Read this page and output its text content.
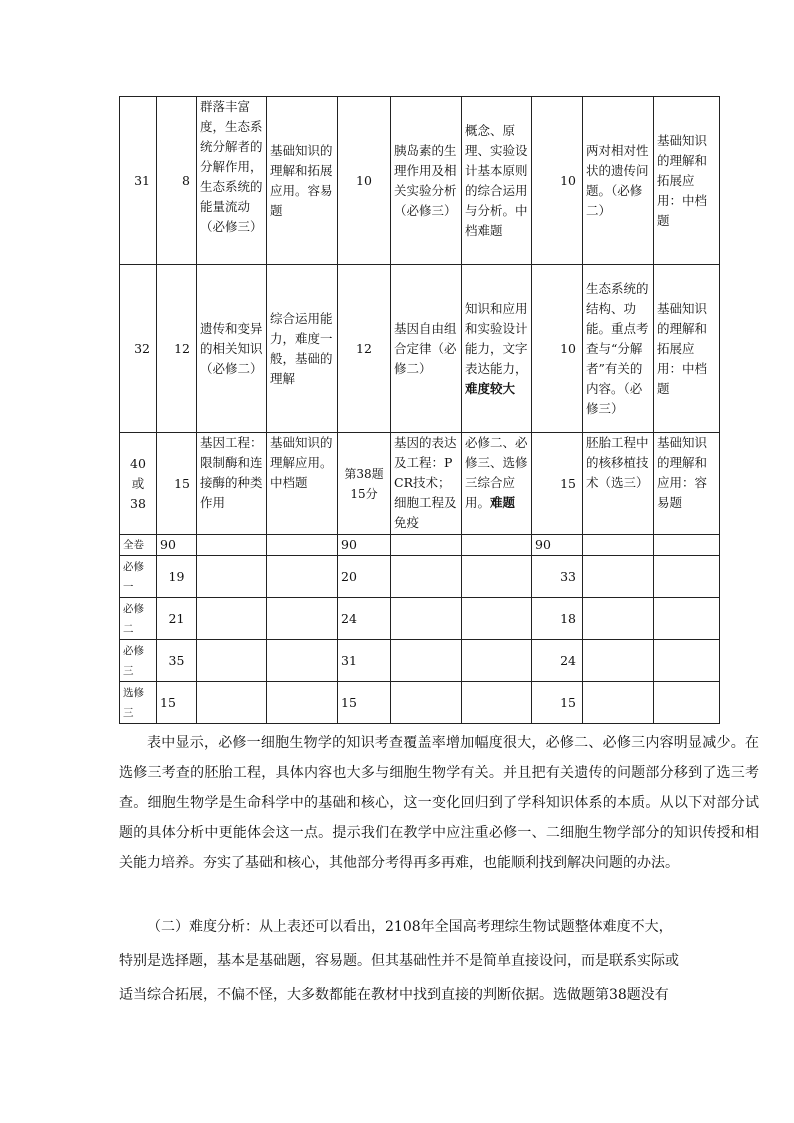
31	8	群落丰富度，生态系统分解者的分解作用，生态系统的能量流动（必修三）	基础知识的理解和拓展应用。容易题	10	胰岛素的生理作用及相关实验分析（必修三）	概念、原理、实验设计基本原则的综合运用与分析。中档难题	10	两对相对性状的遗传问题。（必修二）	基础知识的理解和拓展应用：中档题
32	12	遗传和变异的相关知识（必修二）	综合运用能力，难度一般，基础的理解	12	基因自由组合定律（必修二）	知识和应用和实验设计能力，文字表达能力，难度较大	10	生态系统的结构、功能。重点考查与“分解者”有关的内容。（必修三）	基础知识的理解和拓展应用：中档题
40或38	15	基因工程：限制酶和连接酶的种类作用	基础知识的理解应用。中档题	第38题15分	基因的表达及工程：PCR技术；细胞工程及免疫	必修二、必修三、选修三综合应用。难题	15	胚胎工程中的核移植技术（选三）	基础知识的理解和应用：容易题
全卷	90			90			90		
必修一	19			20			33		
必修二	21			24			18		
必修三	35			31			24		
选修三	15			15			15		

表中显示，必修一细胞生物学的知识考查覆盖率增加幅度很大，必修二、必修三内容明显减少。在选修三考查的胚胎工程，具体内容也大多与细胞生物学有关。并且把有关遗传的问题部分移到了选三考查。细胞生物学是生命科学中的基础和核心，这一变化回归到了学科知识体系的本质。从以下对部分试题的具体分析中更能体会这一点。提示我们在教学中应注重必修一、二细胞生物学部分的知识传授和相关能力培养。夯实了基础和核心，其他部分考得再多再难，也能顺利找到解决问题的办法。

（二）难度分析：从上表还可以看出，2108年全国高考理综生物试题整体难度不大，

特别是选择题，基本是基础题，容易题。但其基础性并不是简单直接设问，而是联系实际或

适当综合拓展，不偏不怪，大多数都能在教材中找到直接的判断依据。选做题第38题没有
